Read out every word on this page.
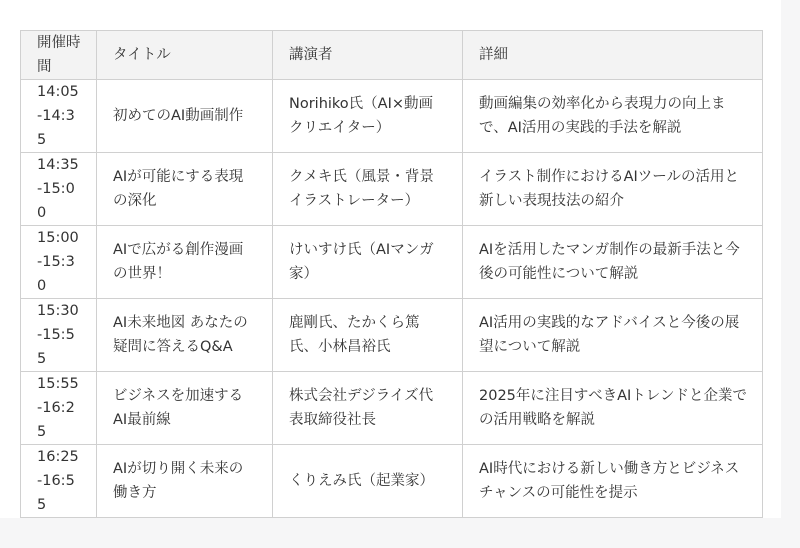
開催時間	タイトル	講演者	詳細
14:05-14:35	初めてのAI動画制作	Norihiko氏（AI×動画クリエイター）	動画編集の効率化から表現力の向上まで、AI活用の実践的手法を解説
14:35-15:00	AIが可能にする表現の深化	クメキ氏（風景・背景イラストレーター）	イラスト制作におけるAIツールの活用と新しい表現技法の紹介
15:00-15:30	AIで広がる創作漫画の世界！	けいすけ氏（AIマンガ家）	AIを活用したマンガ制作の最新手法と今後の可能性について解説
15:30-15:55	AI未来地図 あなたの疑問に答えるQ&A	鹿剛氏、たかくら篤氏、小林昌裕氏	AI活用の実践的なアドバイスと今後の展望について解説
15:55-16:25	ビジネスを加速するAI最前線	株式会社デジライズ代表取締役社長	2025年に注目すべきAIトレンドと企業での活用戦略を解説
16:25-16:55	AIが切り開く未来の働き方	くりえみ氏（起業家）	AI時代における新しい働き方とビジネスチャンスの可能性を提示
